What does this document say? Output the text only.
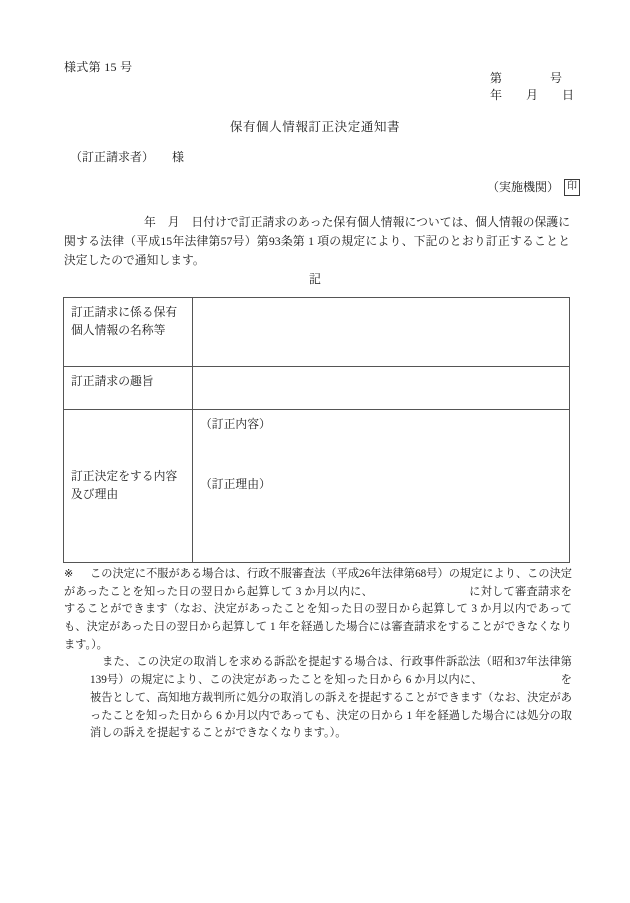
様式第 15 号
第　　　　号
年　　月　　日
保有個人情報訂正決定通知書
（訂正請求者）　　様
（実施機関） 印
年　月　日付けで訂正請求のあった保有個人情報については、個人情報の保護に関する法律（平成15年法律第57号）第93条第 1 項の規定により、下記のとおり訂正することと決定したので通知します。
記
訂正請求に係る保有個人情報の名称等	
訂正請求の趣旨	
訂正決定をする内容及び理由	（訂正内容）
（訂正理由）

※ この決定に不服がある場合は、行政不服審査法（平成26年法律第68号）の規定により、この決定があったことを知った日の翌日から起算して 3 か月以内に、	に対して審査請求をすることができます（なお、決定があったことを知った日の翌日から起算して 3 か月以内であっても、決定があった日の翌日から起算して 1 年を経過した場合には審査請求をすることができなくなります。）。

また、この決定の取消しを求める訴訟を提起する場合は、行政事件訴訟法（昭和37年法律第139号）の規定により、この決定があったことを知った日から 6 か月以内に、	を被告として、高知地方裁判所に処分の取消しの訴えを提起することができます（なお、決定があったことを知った日から 6 か月以内であっても、決定の日から 1 年を経過した場合には処分の取消しの訴えを提起することができなくなります。）。
